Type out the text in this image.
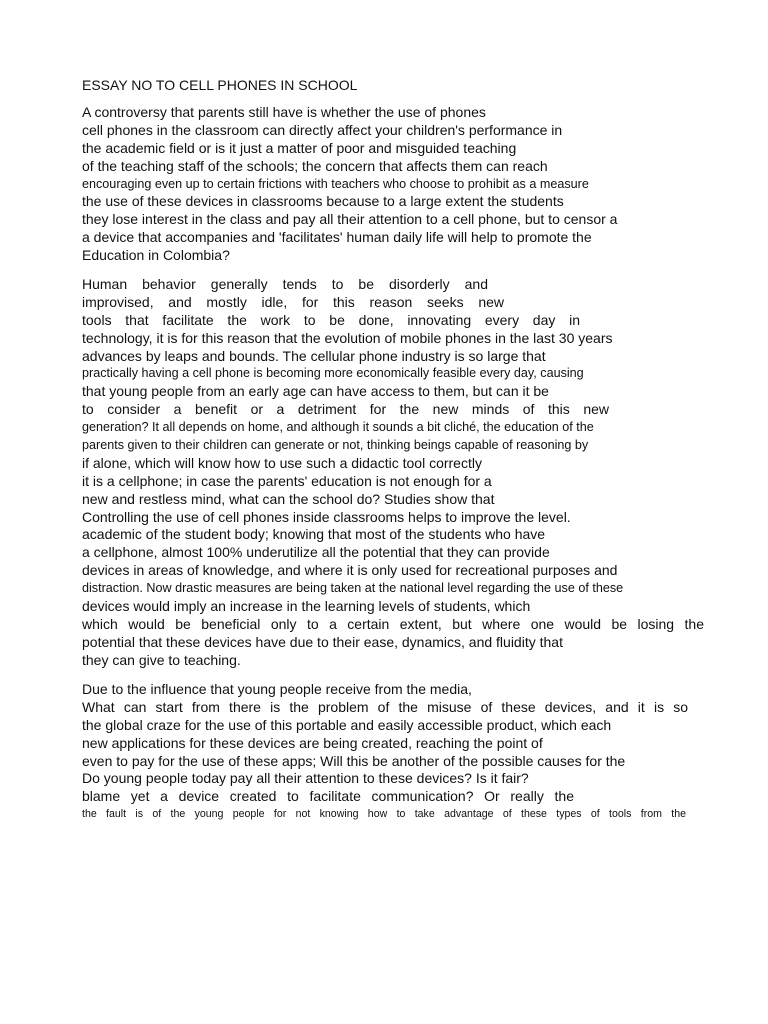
ESSAY NO TO CELL PHONES IN SCHOOL
A controversy that parents still have is whether the use of phones
cell phones in the classroom can directly affect your children's performance in
the academic field or is it just a matter of poor and misguided teaching
of the teaching staff of the schools; the concern that affects them can reach
encouraging even up to certain frictions with teachers who choose to prohibit as a measure
the use of these devices in classrooms because to a large extent the students
they lose interest in the class and pay all their attention to a cell phone, but to censor a
a device that accompanies and 'facilitates' human daily life will help to promote the
Education in Colombia?
Human behavior generally tends to be disorderly and
improvised, and mostly idle, for this reason seeks new
tools that facilitate the work to be done, innovating every day in
technology, it is for this reason that the evolution of mobile phones in the last 30 years
advances by leaps and bounds. The cellular phone industry is so large that
practically having a cell phone is becoming more economically feasible every day, causing
that young people from an early age can have access to them, but can it be
to consider a benefit or a detriment for the new minds of this new
generation? It all depends on home, and although it sounds a bit cliché, the education of the
parents given to their children can generate or not, thinking beings capable of reasoning by
if alone, which will know how to use such a didactic tool correctly
it is a cellphone; in case the parents' education is not enough for a
new and restless mind, what can the school do? Studies show that
Controlling the use of cell phones inside classrooms helps to improve the level.
academic of the student body; knowing that most of the students who have
a cellphone, almost 100% underutilize all the potential that they can provide
devices in areas of knowledge, and where it is only used for recreational purposes and
distraction. Now drastic measures are being taken at the national level regarding the use of these
devices would imply an increase in the learning levels of students, which
which would be beneficial only to a certain extent, but where one would be losing the
potential that these devices have due to their ease, dynamics, and fluidity that
they can give to teaching.
Due to the influence that young people receive from the media,
What can start from there is the problem of the misuse of these devices, and it is so
the global craze for the use of this portable and easily accessible product, which each
new applications for these devices are being created, reaching the point of
even to pay for the use of these apps; Will this be another of the possible causes for the
Do young people today pay all their attention to these devices? Is it fair?
blame yet a device created to facilitate communication? Or really the
the fault is of the young people for not knowing how to take advantage of these types of tools from the
